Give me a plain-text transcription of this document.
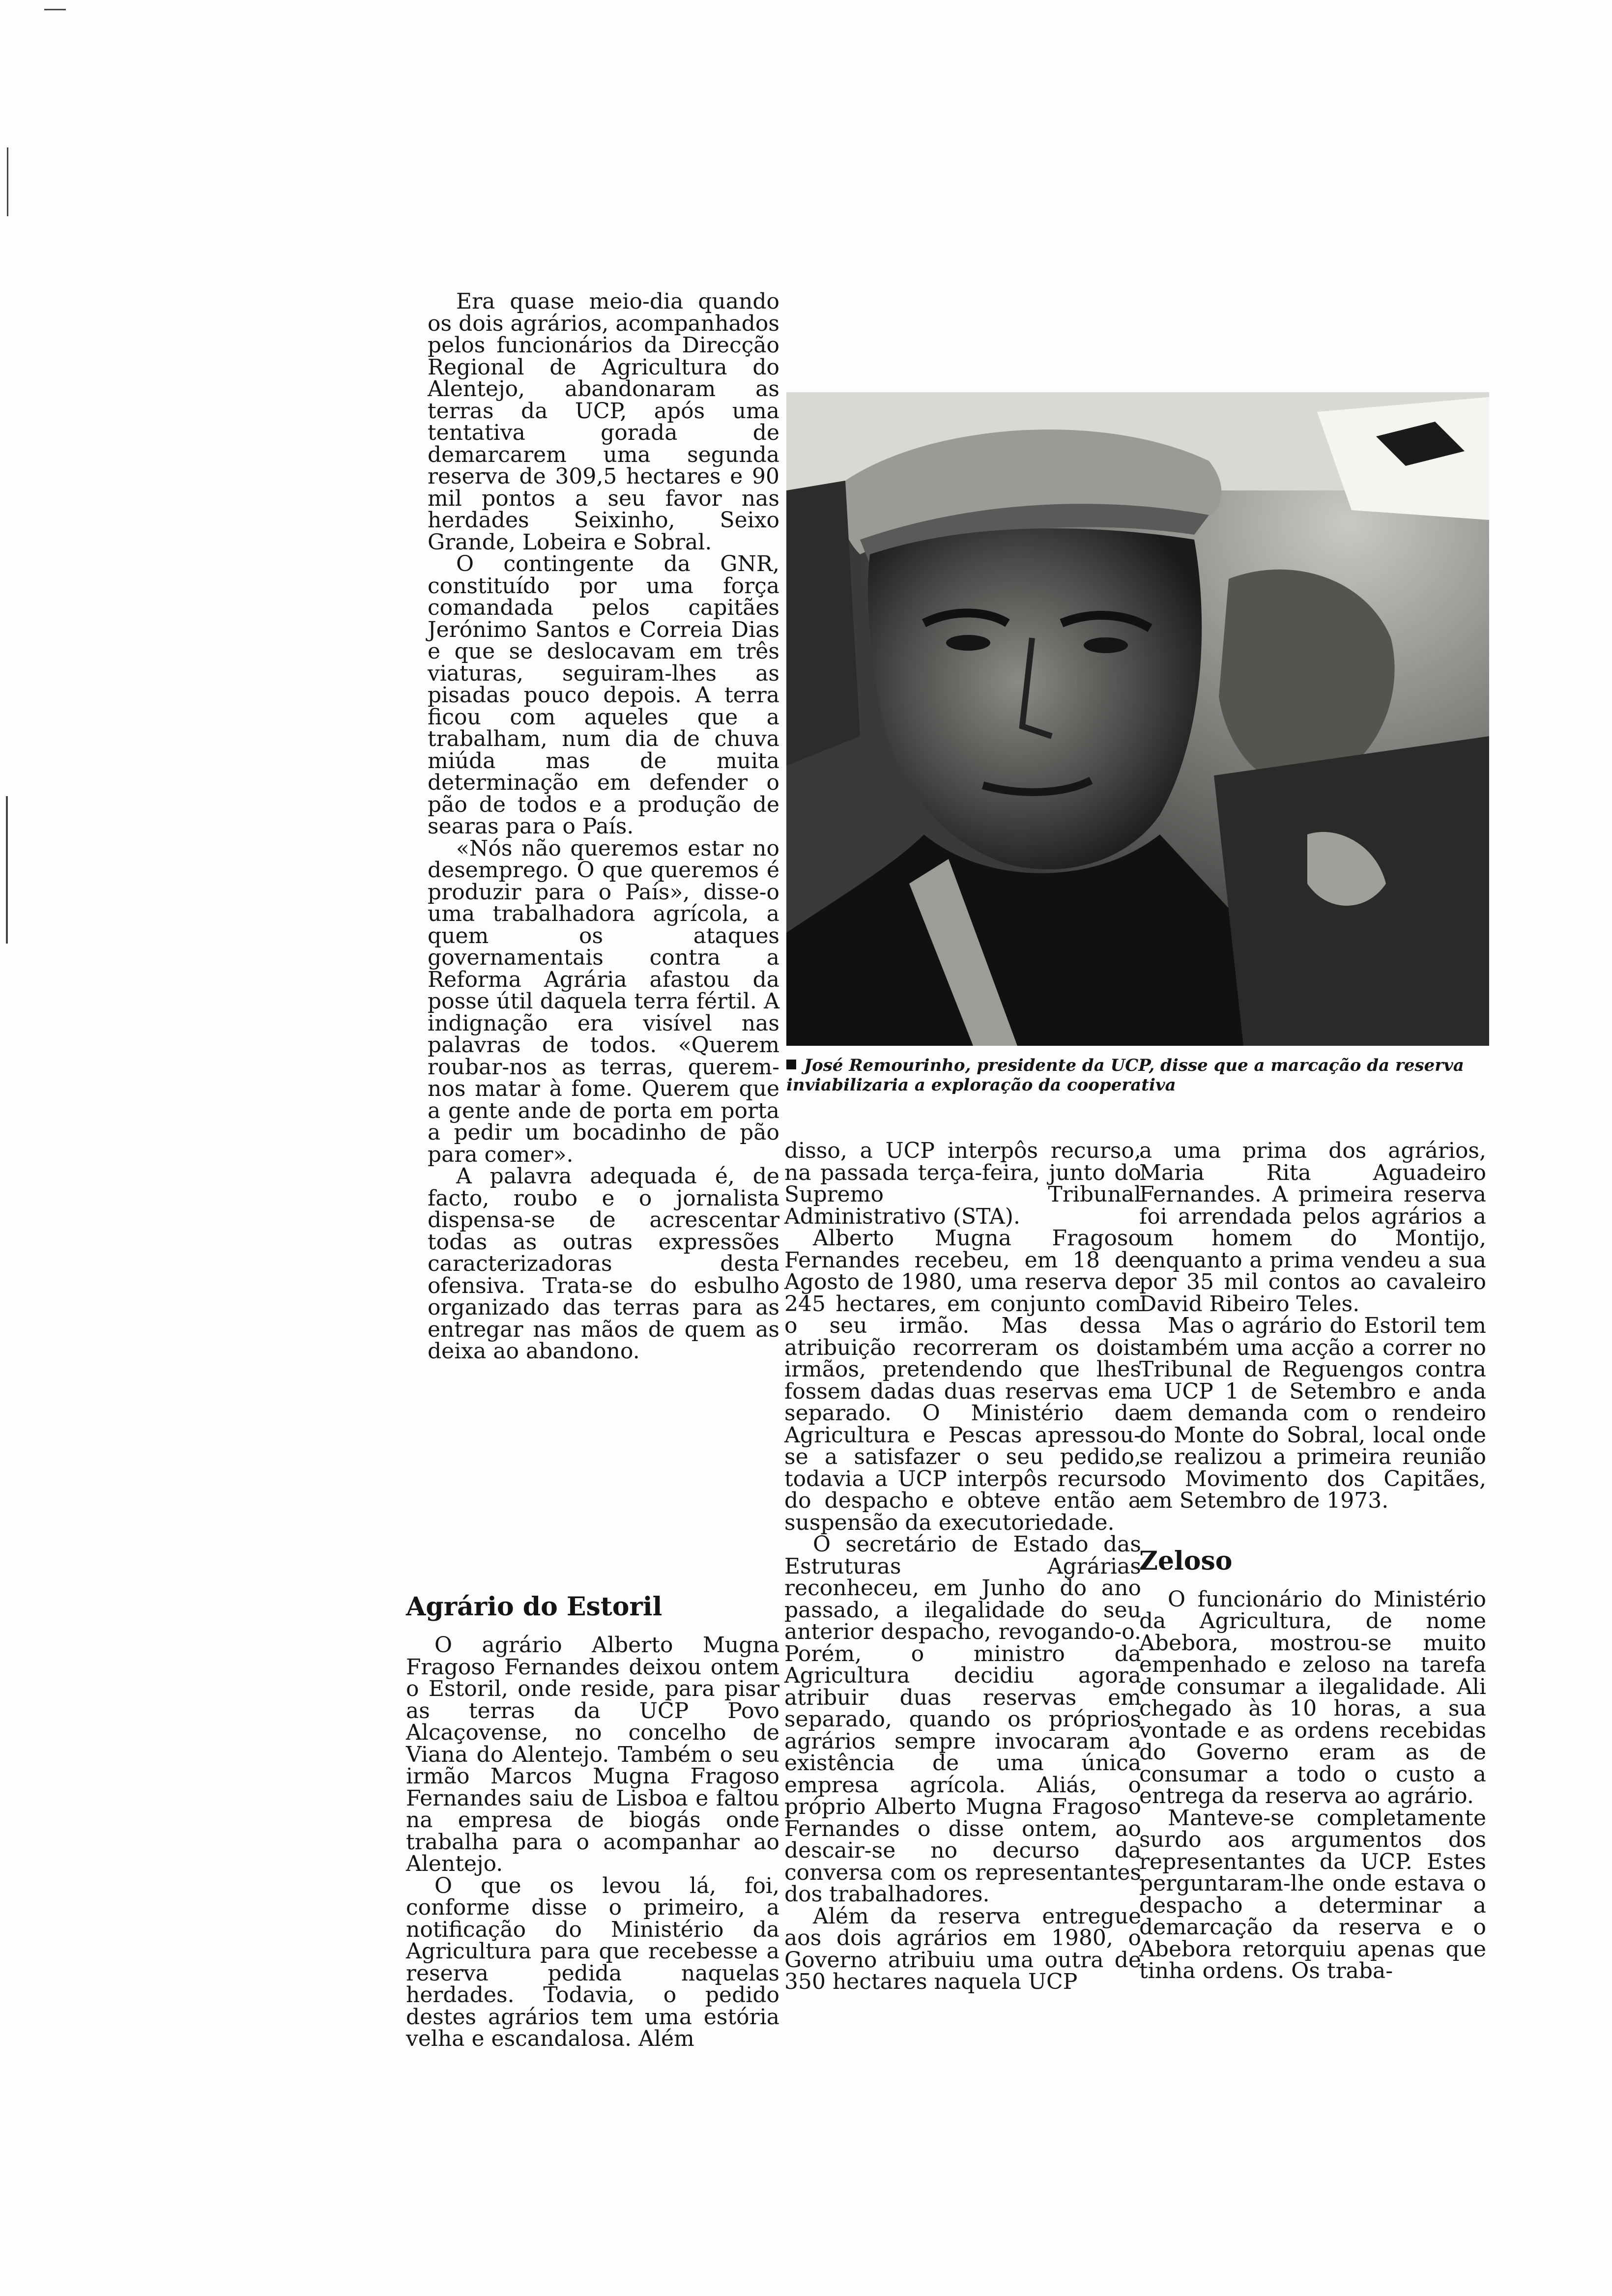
Era quase meio-dia quando os dois agrários, acompanhados pelos funcionários da Direcção Regional de Agricultura do Alentejo, abandonaram as terras da UCP, após uma tentativa gorada de demarcarem uma segunda reserva de 309,5 hectares e 90 mil pontos a seu favor nas herdades Seixinho, Seixo Grande, Lobeira e Sobral.

O contingente da GNR, constituído por uma força comandada pelos capitães Jerónimo Santos e Correia Dias e que se deslocavam em três viaturas, seguiram-lhes as pisadas pouco depois. A terra ficou com aqueles que a trabalham, num dia de chuva miúda mas de muita determinação em defender o pão de todos e a produção de searas para o País.

«Nós não queremos estar no desemprego. O que queremos é produzir para o País», disse-o uma trabalhadora agrícola, a quem os ataques governamentais contra a Reforma Agrária afastou da posse útil daquela terra fértil. A indignação era visível nas palavras de todos. «Querem roubar-nos as terras, querem-nos matar à fome. Querem que a gente ande de porta em porta a pedir um bocadinho de pão para comer».

A palavra adequada é, de facto, roubo e o jornalista dispensa-se de acrescentar todas as outras expressões caracterizadoras desta ofensiva. Trata-se do esbulho organizado das terras para as entregar nas mãos de quem as deixa ao abandono.

Agrário do Estoril

O agrário Alberto Mugna Fragoso Fernandes deixou ontem o Estoril, onde reside, para pisar as terras da UCP Povo Alcaçovense, no concelho de Viana do Alentejo. Também o seu irmão Marcos Mugna Fragoso Fernandes saiu de Lisboa e faltou na empresa de biogás onde trabalha para o acompanhar ao Alentejo.

O que os levou lá, foi, conforme disse o primeiro, a notificação do Ministério da Agricultura para que recebesse a reserva pedida naquelas herdades. Todavia, o pedido destes agrários tem uma estória velha e escandalosa. Além

José Remourinho, presidente da UCP, disse que a marcação da reserva inviabilizaria a exploração da cooperativa

disso, a UCP interpôs recurso, na passada terça-feira, junto do Supremo Tribunal Administrativo (STA).

Alberto Mugna Fragoso Fernandes recebeu, em 18 de Agosto de 1980, uma reserva de 245 hectares, em conjunto com o seu irmão. Mas dessa atribuição recorreram os dois irmãos, pretendendo que lhes fossem dadas duas reservas em separado. O Ministério da Agricultura e Pescas apressou-se a satisfazer o seu pedido, todavia a UCP interpôs recurso do despacho e obteve então a suspensão da executoriedade.

O secretário de Estado das Estruturas Agrárias reconheceu, em Junho do ano passado, a ilegalidade do seu anterior despacho, revogando-o. Porém, o ministro da Agricultura decidiu agora atribuir duas reservas em separado, quando os próprios agrários sempre invocaram a existência de uma única empresa agrícola. Aliás, o próprio Alberto Mugna Fragoso Fernandes o disse ontem, ao descair-se no decurso da conversa com os representantes dos trabalhadores.

Além da reserva entregue aos dois agrários em 1980, o Governo atribuiu uma outra de 350 hectares naquela UCP

a uma prima dos agrários, Maria Rita Aguadeiro Fernandes. A primeira reserva foi arrendada pelos agrários a um homem do Montijo, enquanto a prima vendeu a sua por 35 mil contos ao cavaleiro David Ribeiro Teles.

Mas o agrário do Estoril tem também uma acção a correr no Tribunal de Reguengos contra a UCP 1 de Setembro e anda em demanda com o rendeiro do Monte do Sobral, local onde se realizou a primeira reunião do Movimento dos Capitães, em Setembro de 1973.

Zeloso

O funcionário do Ministério da Agricultura, de nome Abebora, mostrou-se muito empenhado e zeloso na tarefa de consumar a ilegalidade. Ali chegado às 10 horas, a sua vontade e as ordens recebidas do Governo eram as de consumar a todo o custo a entrega da reserva ao agrário.

Manteve-se completamente surdo aos argumentos dos representantes da UCP. Estes perguntaram-lhe onde estava o despacho a determinar a demarcação da reserva e o Abebora retorquiu apenas que tinha ordens. Os traba-
